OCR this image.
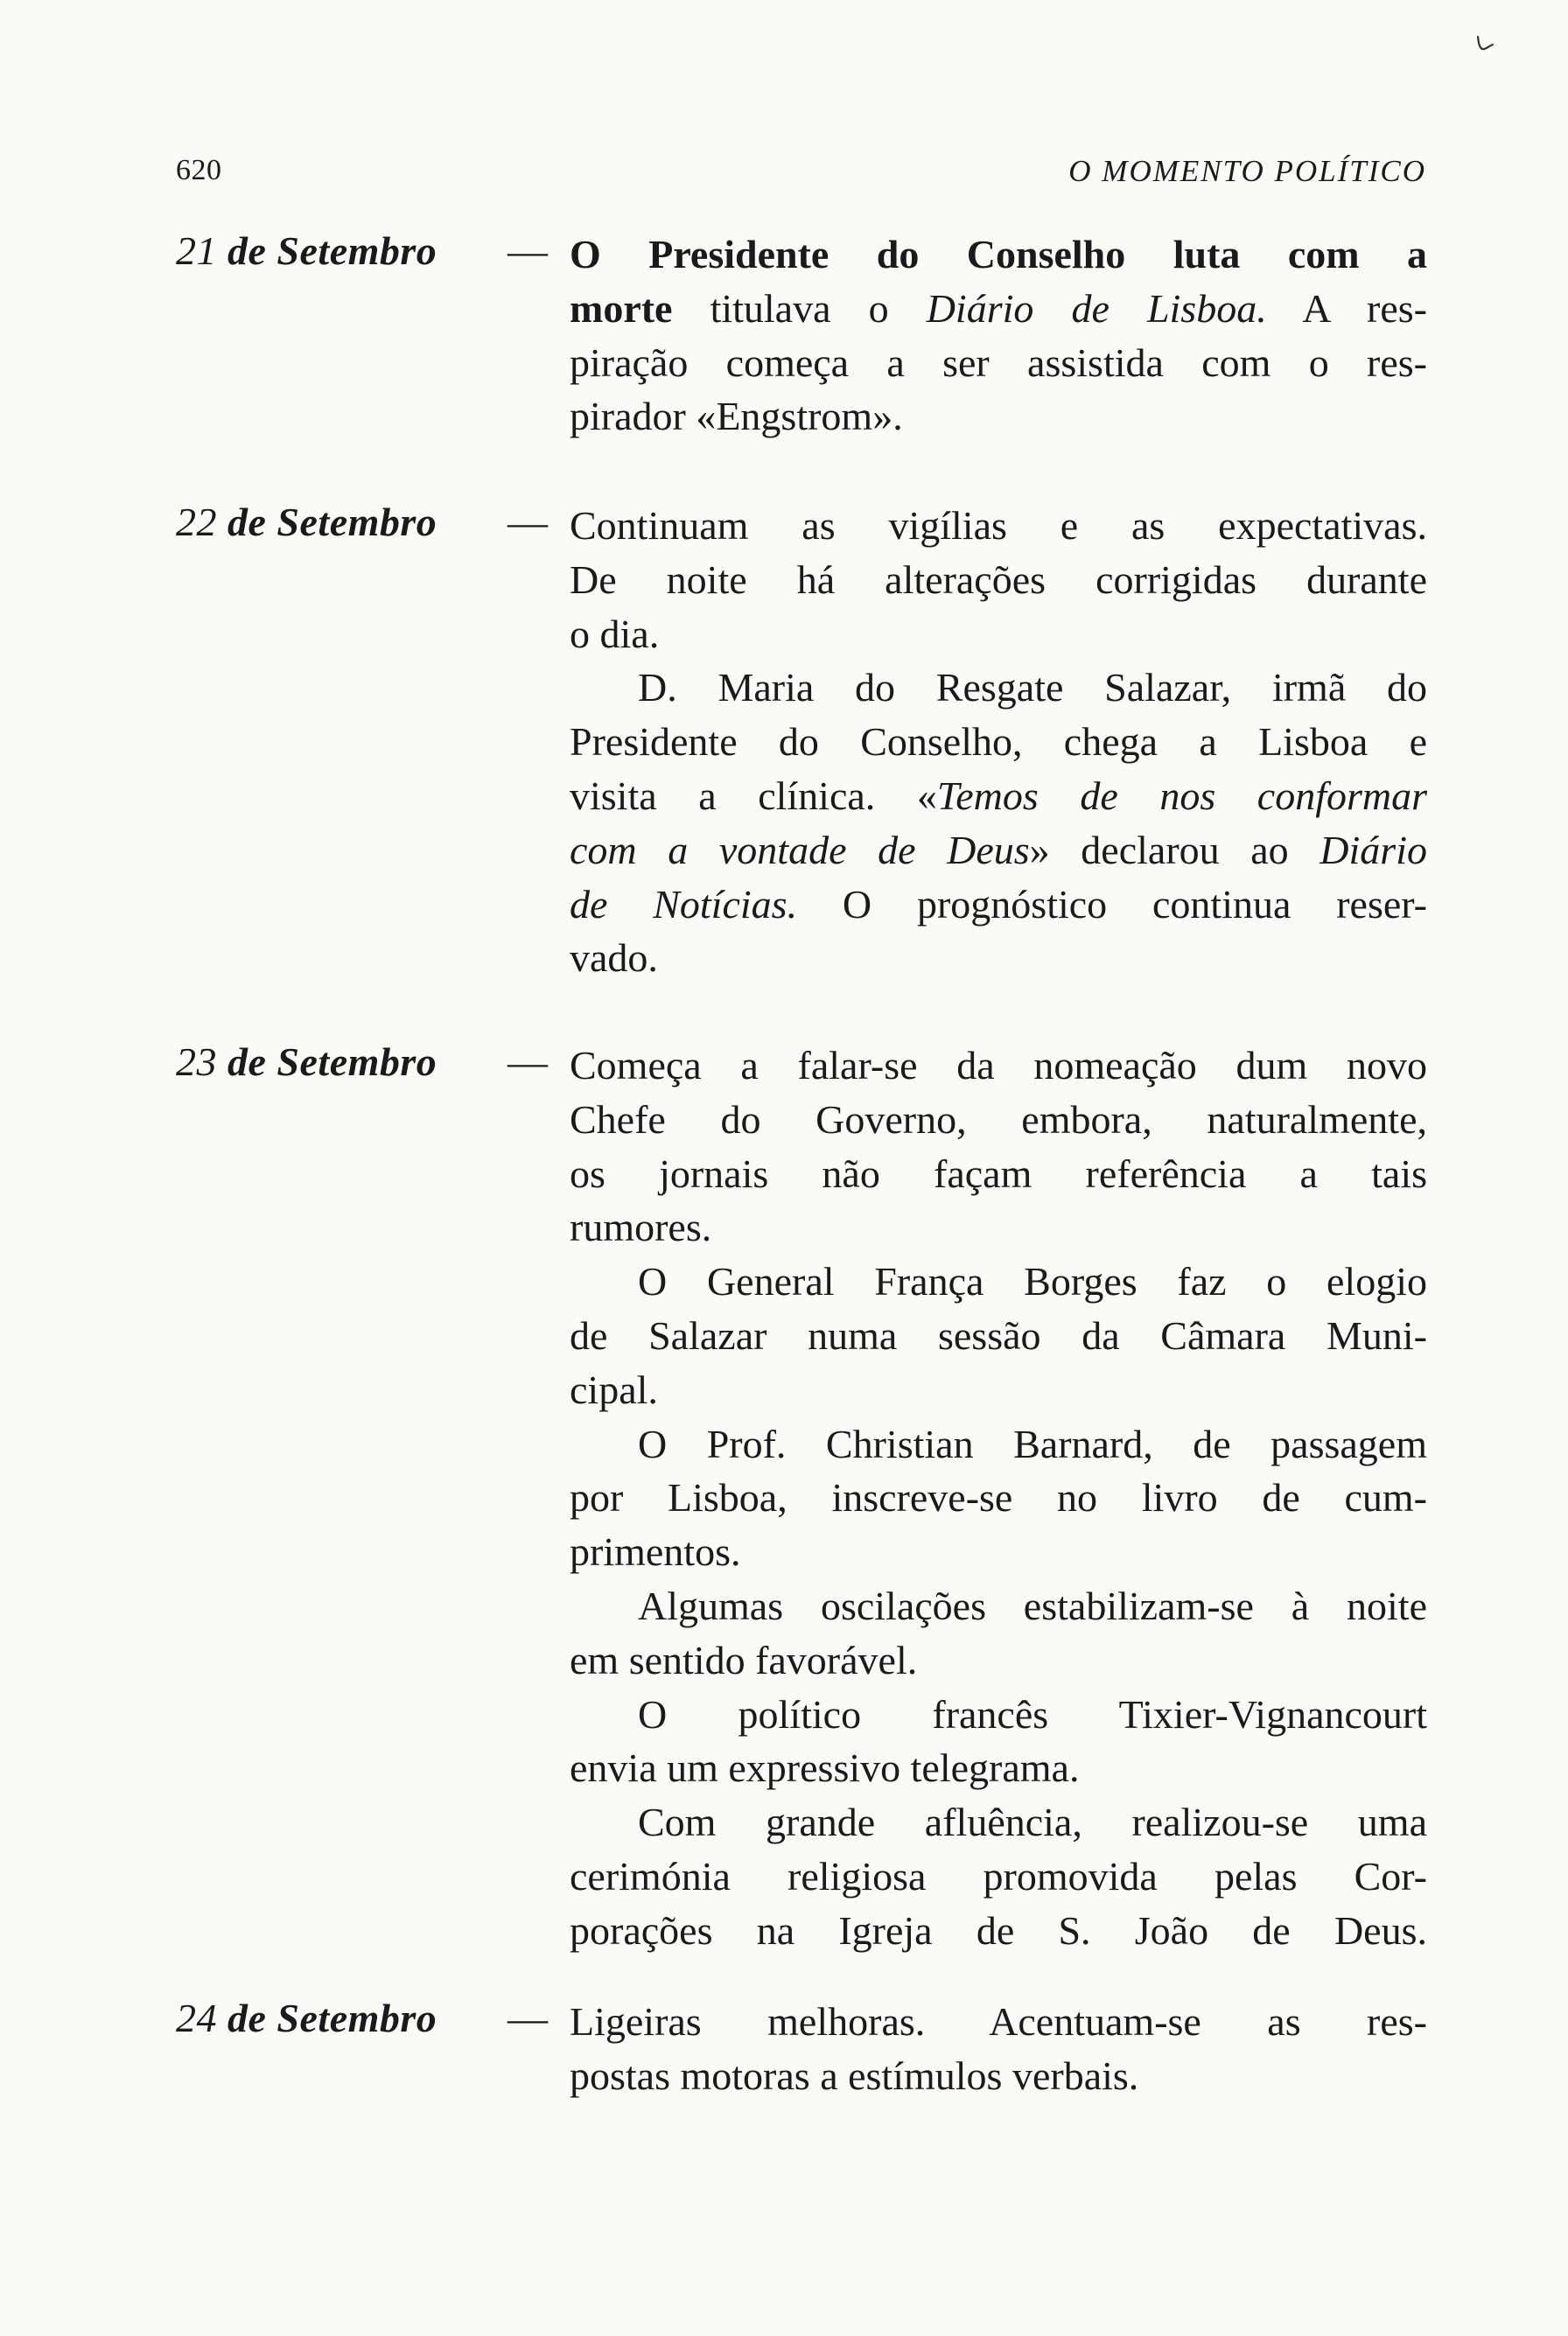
620	O MOMENTO POLÍTICO
21 de Setembro — O Presidente do Conselho luta com a
morte titulava o Diário de Lisboa. A res-
piração começa a ser assistida com o res-
pirador «Engstrom».
22 de Setembro — Continuam as vigílias e as expectativas.
De noite há alterações corrigidas durante
o dia.
D. Maria do Resgate Salazar, irmã do
Presidente do Conselho, chega a Lisboa e
visita a clínica. «Temos de nos conformar
com a vontade de Deus» declarou ao Diário
de Notícias. O prognóstico continua reser-
vado.
23 de Setembro — Começa a falar-se da nomeação dum novo
Chefe do Governo, embora, naturalmente,
os jornais não façam referência a tais
rumores.
O General França Borges faz o elogio
de Salazar numa sessão da Câmara Muni-
cipal.
O Prof. Christian Barnard, de passagem
por Lisboa, inscreve-se no livro de cum-
primentos.
Algumas oscilações estabilizam-se à noite
em sentido favorável.
O político francês Tixier-Vignancourt
envia um expressivo telegrama.
Com grande afluência, realizou-se uma
cerimónia religiosa promovida pelas Cor-
porações na Igreja de S. João de Deus.
24 de Setembro — Ligeiras melhoras. Acentuam-se as res-
postas motoras a estímulos verbais.
